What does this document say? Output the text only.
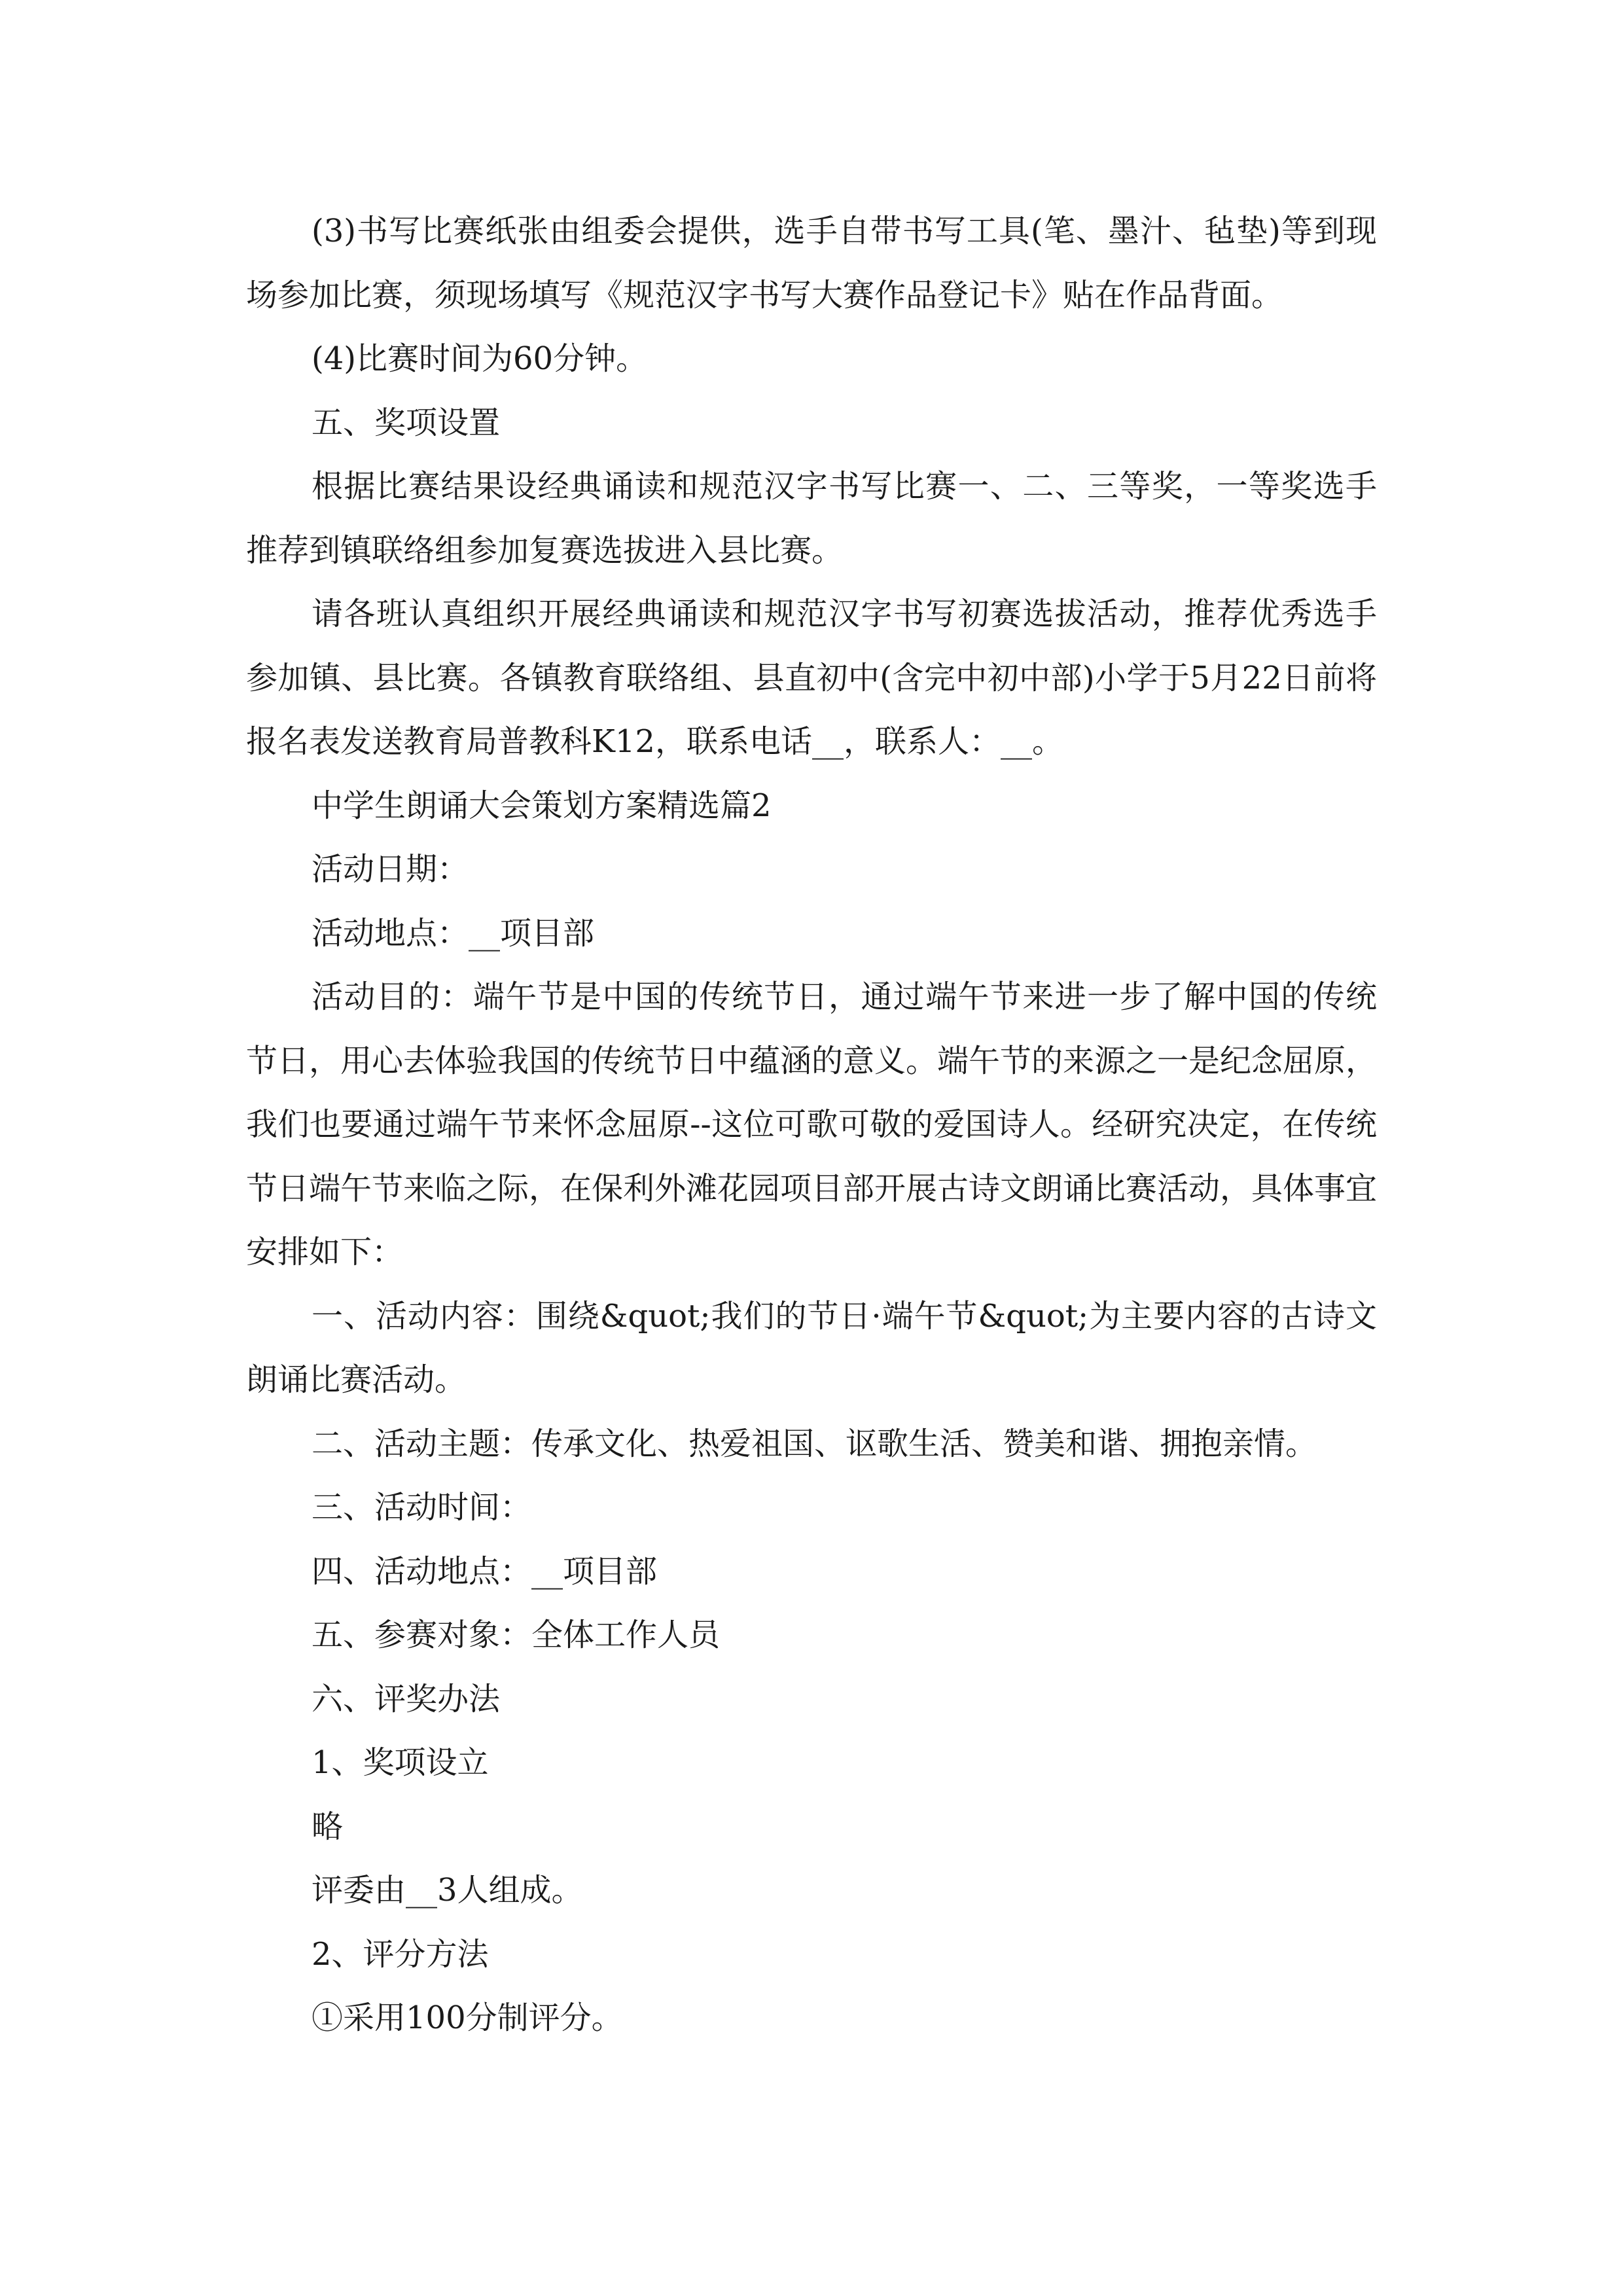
(3)书写比赛纸张由组委会提供，选手自带书写工具(笔、墨汁、毡垫)等到现场参加比赛，须现场填写《规范汉字书写大赛作品登记卡》贴在作品背面。

(4)比赛时间为60分钟。

五、奖项设置

根据比赛结果设经典诵读和规范汉字书写比赛一、二、三等奖，一等奖选手推荐到镇联络组参加复赛选拔进入县比赛。

请各班认真组织开展经典诵读和规范汉字书写初赛选拔活动，推荐优秀选手参加镇、县比赛。各镇教育联络组、县直初中(含完中初中部)小学于5月22日前将报名表发送教育局普教科K12，联系电话__，联系人：__。

中学生朗诵大会策划方案精选篇2

活动日期：

活动地点：__项目部

活动目的：端午节是中国的传统节日，通过端午节来进一步了解中国的传统节日，用心去体验我国的传统节日中蕴涵的意义。端午节的来源之一是纪念屈原，我们也要通过端午节来怀念屈原--这位可歌可敬的爱国诗人。经研究决定，在传统节日端午节来临之际，在保利外滩花园项目部开展古诗文朗诵比赛活动，具体事宜安排如下：

一、活动内容：围绕&quot;我们的节日·端午节&quot;为主要内容的古诗文朗诵比赛活动。

二、活动主题：传承文化、热爱祖国、讴歌生活、赞美和谐、拥抱亲情。

三、活动时间：

四、活动地点：__项目部

五、参赛对象：全体工作人员

六、评奖办法

1、奖项设立

略

评委由__3人组成。

2、评分方法

①采用100分制评分。
